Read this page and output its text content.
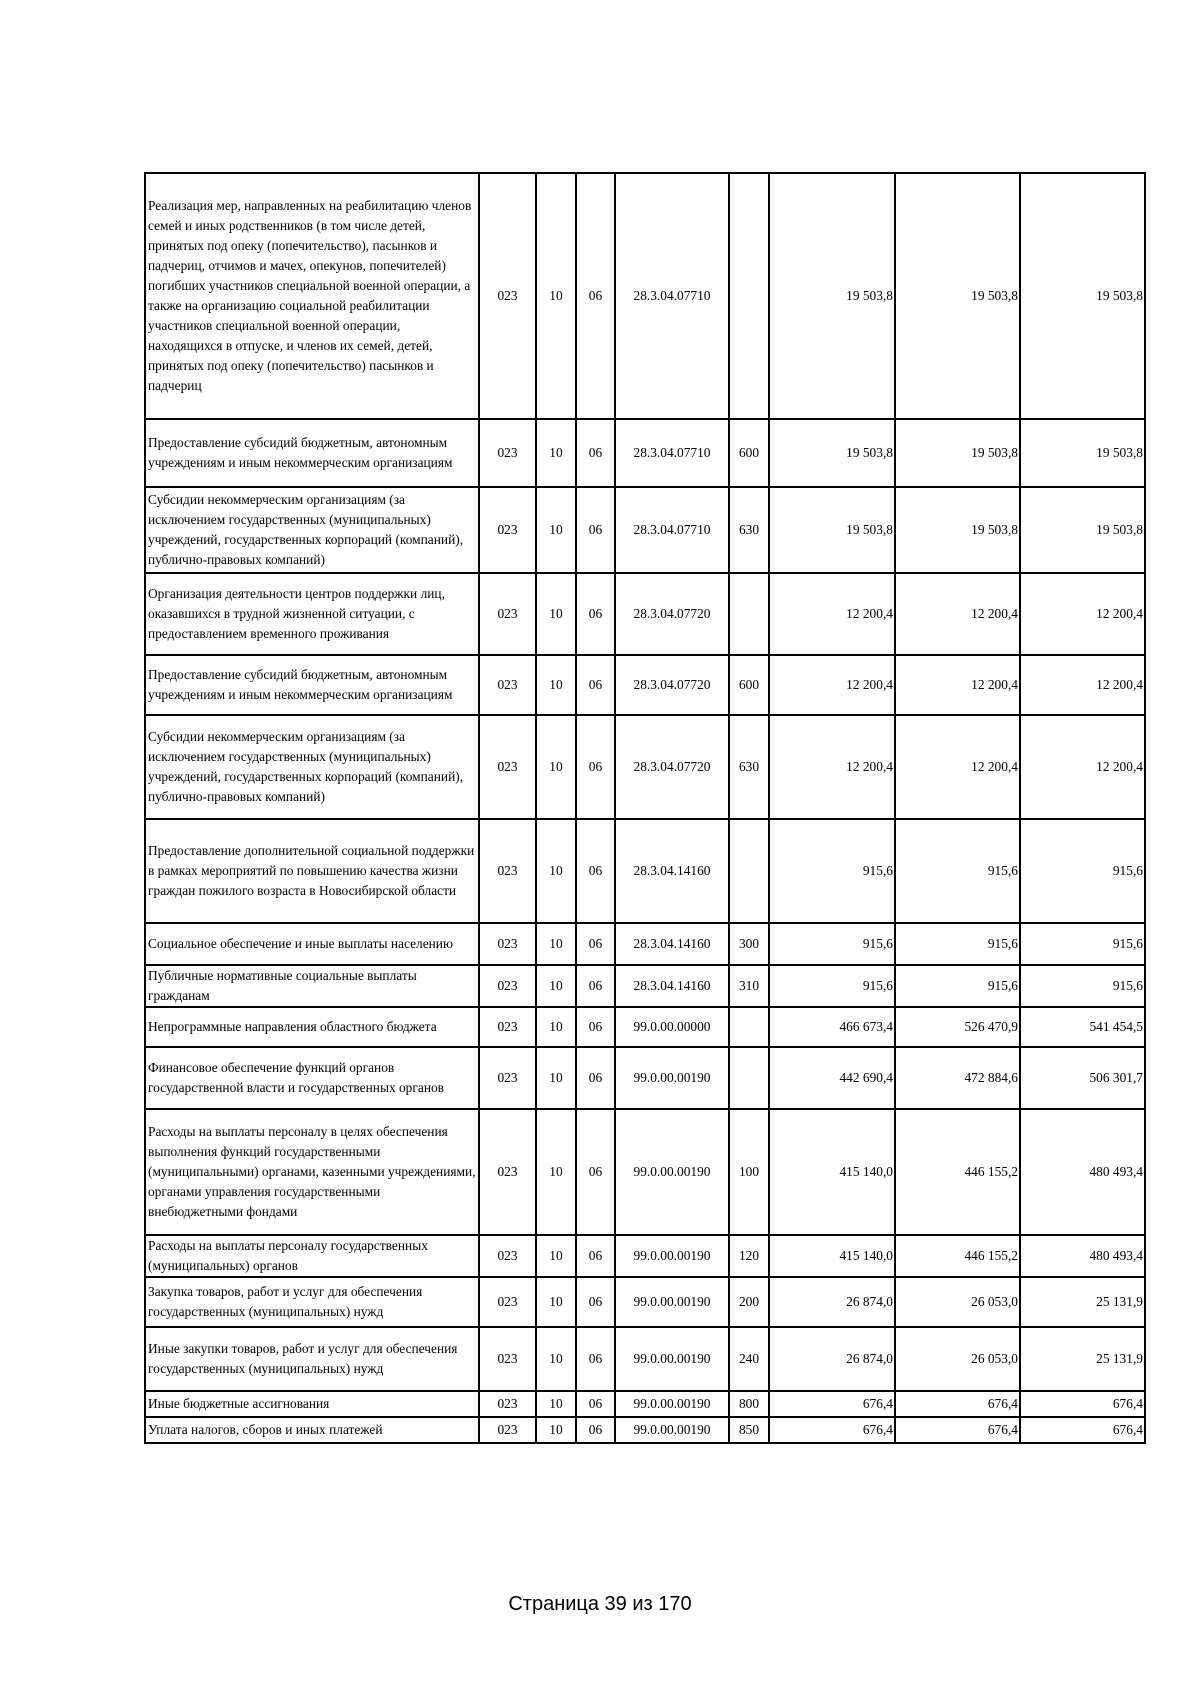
Реализация мер, направленных на реабилитацию членов семей и иных родственников (в том числе детей, принятых под опеку (попечительство), пасынков и падчериц, отчимов и мачех, опекунов, попечителей) погибших участников специальной военной операции, а также на организацию социальной реабилитации участников специальной военной операции, находящихся в отпуске, и членов их семей, детей, принятых под опеку (попечительство) пасынков и падчериц	023	10	06	28.3.04.07710		19 503,8	19 503,8	19 503,8
Предоставление субсидий бюджетным, автономным учреждениям и иным некоммерческим организациям	023	10	06	28.3.04.07710	600	19 503,8	19 503,8	19 503,8
Субсидии некоммерческим организациям (за исключением государственных (муниципальных) учреждений, государственных корпораций (компаний), публично-правовых компаний)	023	10	06	28.3.04.07710	630	19 503,8	19 503,8	19 503,8
Организация деятельности центров поддержки лиц, оказавшихся в трудной жизненной ситуации, с предоставлением временного проживания	023	10	06	28.3.04.07720		12 200,4	12 200,4	12 200,4
Предоставление субсидий бюджетным, автономным учреждениям и иным некоммерческим организациям	023	10	06	28.3.04.07720	600	12 200,4	12 200,4	12 200,4
Субсидии некоммерческим организациям (за исключением государственных (муниципальных) учреждений, государственных корпораций (компаний), публично-правовых компаний)	023	10	06	28.3.04.07720	630	12 200,4	12 200,4	12 200,4
Предоставление дополнительной социальной поддержки в рамках мероприятий по повышению качества жизни граждан пожилого возраста в Новосибирской области	023	10	06	28.3.04.14160		915,6	915,6	915,6
Социальное обеспечение и иные выплаты населению	023	10	06	28.3.04.14160	300	915,6	915,6	915,6
Публичные нормативные социальные выплаты гражданам	023	10	06	28.3.04.14160	310	915,6	915,6	915,6
Непрограммные направления областного бюджета	023	10	06	99.0.00.00000		466 673,4	526 470,9	541 454,5
Финансовое обеспечение функций органов государственной власти и государственных органов	023	10	06	99.0.00.00190		442 690,4	472 884,6	506 301,7
Расходы на выплаты персоналу в целях обеспечения выполнения функций государственными (муниципальными) органами, казенными учреждениями, органами управления государственными внебюджетными фондами	023	10	06	99.0.00.00190	100	415 140,0	446 155,2	480 493,4
Расходы на выплаты персоналу государственных (муниципальных) органов	023	10	06	99.0.00.00190	120	415 140,0	446 155,2	480 493,4
Закупка товаров, работ и услуг для обеспечения государственных (муниципальных) нужд	023	10	06	99.0.00.00190	200	26 874,0	26 053,0	25 131,9
Иные закупки товаров, работ и услуг для обеспечения государственных (муниципальных) нужд	023	10	06	99.0.00.00190	240	26 874,0	26 053,0	25 131,9
Иные бюджетные ассигнования	023	10	06	99.0.00.00190	800	676,4	676,4	676,4
Уплата налогов, сборов и иных платежей	023	10	06	99.0.00.00190	850	676,4	676,4	676,4
Страница 39 из 170
